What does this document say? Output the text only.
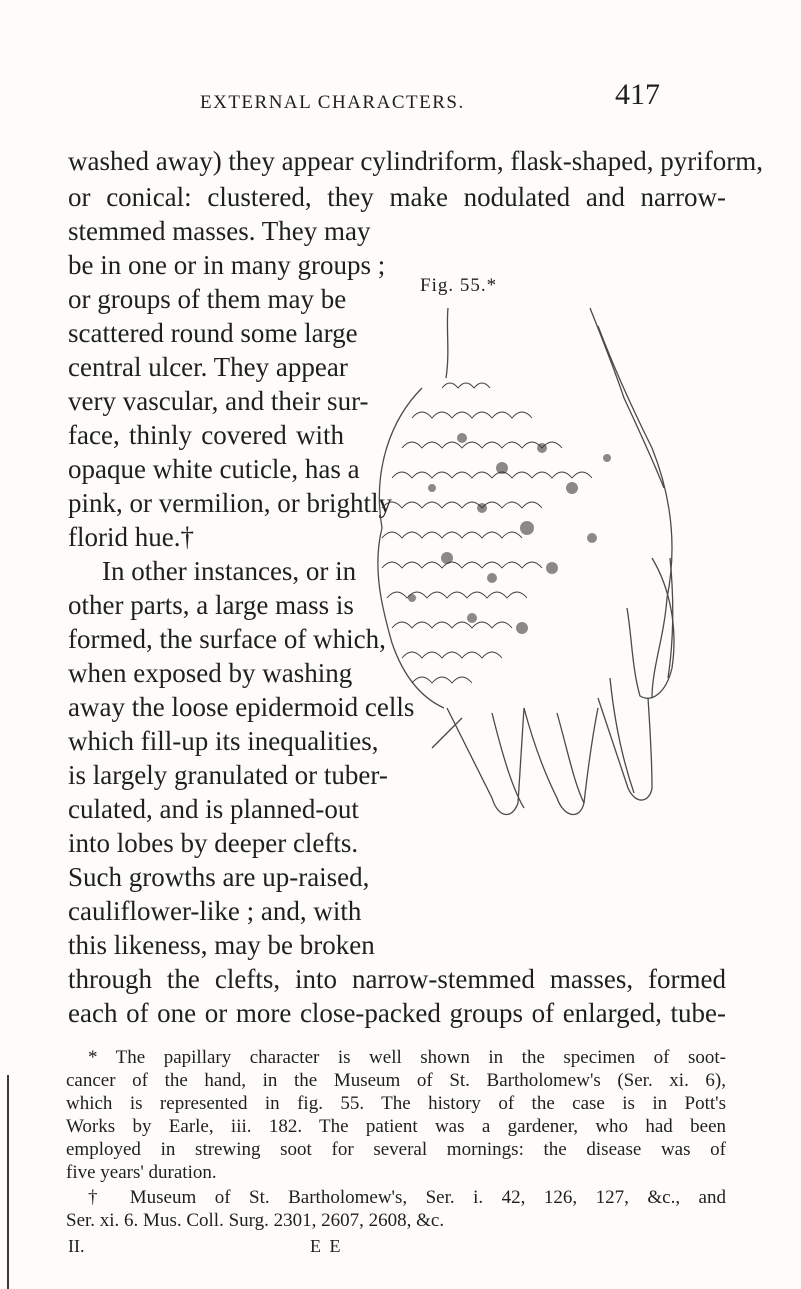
EXTERNAL CHARACTERS.	417
washed away) they appear cylindriform, flask-shaped, pyriform,
or conical: clustered, they make nodulated and narrow-
stemmed masses. They may
be in one or in many groups ;
or groups of them may be
scattered round some large
central ulcer. They appear
very vascular, and their sur-
face, thinly covered with
opaque white cuticle, has a
pink, or vermilion, or brightly
florid hue.†
In other instances, or in
other parts, a large mass is
formed, the surface of which,
when exposed by washing
away the loose epidermoid cells
which fill-up its inequalities,
is largely granulated or tuber-
culated, and is planned-out
into lobes by deeper clefts.
Such growths are up-raised,
cauliflower-like ; and, with
this likeness, may be broken
through the clefts, into narrow-stemmed masses, formed
each of one or more close-packed groups of enlarged, tube-
Fig. 55.*
* The papillary character is well shown in the specimen of soot-
cancer of the hand, in the Museum of St. Bartholomew's (Ser. xi. 6),
which is represented in fig. 55. The history of the case is in Pott's
Works by Earle, iii. 182. The patient was a gardener, who had been
employed in strewing soot for several mornings: the disease was of
five years' duration.
† Museum of St. Bartholomew's, Ser. i. 42, 126, 127, &c., and
Ser. xi. 6. Mus. Coll. Surg. 2301, 2607, 2608, &c.
II.	E E
